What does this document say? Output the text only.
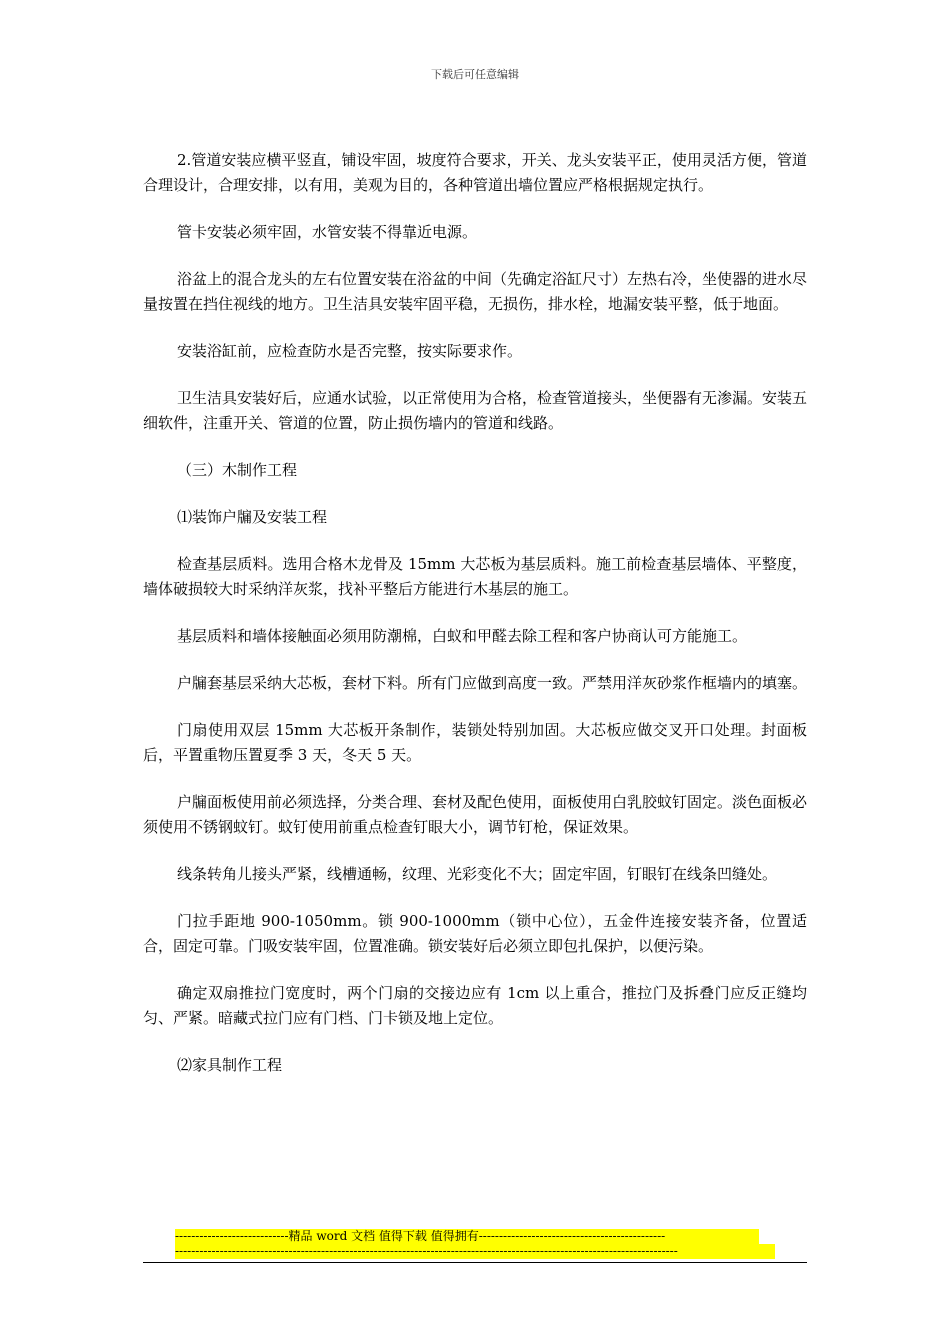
下载后可任意编辑

2.管道安装应横平竖直，铺设牢固，坡度符合要求，开关、龙头安装平正，使用灵活方便，管道合理设计，合理安排，以有用，美观为目的，各种管道出墙位置应严格根据规定执行。

管卡安装必须牢固，水管安装不得靠近电源。

浴盆上的混合龙头的左右位置安装在浴盆的中间（先确定浴缸尺寸）左热右冷，坐使器的进水尽量按置在挡住视线的地方。卫生洁具安装牢固平稳，无损伤，排水栓，地漏安装平整，低于地面。

安装浴缸前，应检查防水是否完整，按实际要求作。

卫生洁具安装好后，应通水试验，以正常使用为合格，检查管道接头，坐便器有无渗漏。安装五细软件，注重开关、管道的位置，防止损伤墙内的管道和线路。

（三）木制作工程

⑴装饰户牖及安装工程

检查基层质料。选用合格木龙骨及 15mm 大芯板为基层质料。施工前检查基层墙体、平整度，墙体破损较大时采纳洋灰浆，找补平整后方能进行木基层的施工。

基层质料和墙体接触面必须用防潮棉，白蚁和甲醛去除工程和客户协商认可方能施工。

户牖套基层采纳大芯板，套材下料。所有门应做到高度一致。严禁用洋灰砂浆作框墙内的填塞。

门扇使用双层 15mm 大芯板开条制作，装锁处特别加固。大芯板应做交叉开口处理。封面板后，平置重物压置夏季 3 天，冬天 5 天。

户牖面板使用前必须选择，分类合理、套材及配色使用，面板使用白乳胶蚊钉固定。淡色面板必须使用不锈钢蚊钉。蚊钉使用前重点检查钉眼大小，调节钉枪，保证效果。

线条转角儿接头严紧，线槽通畅，纹理、光彩变化不大；固定牢固，钉眼钉在线条凹缝处。

门拉手距地 900-1050mm。锁 900-1000mm（锁中心位），五金件连接安装齐备，位置适合，固定可靠。门吸安装牢固，位置准确。锁安装好后必须立即包扎保护，以便污染。

确定双扇推拉门宽度时，两个门扇的交接边应有 1cm 以上重合，推拉门及拆叠门应反正缝均匀、严紧。暗藏式拉门应有门档、门卡锁及地上定位。

⑵家具制作工程

----------------------------精品 word 文档 值得下载 值得拥有----------------------------------------------
----------------------------------------------------------------------------------------------------------------------------
